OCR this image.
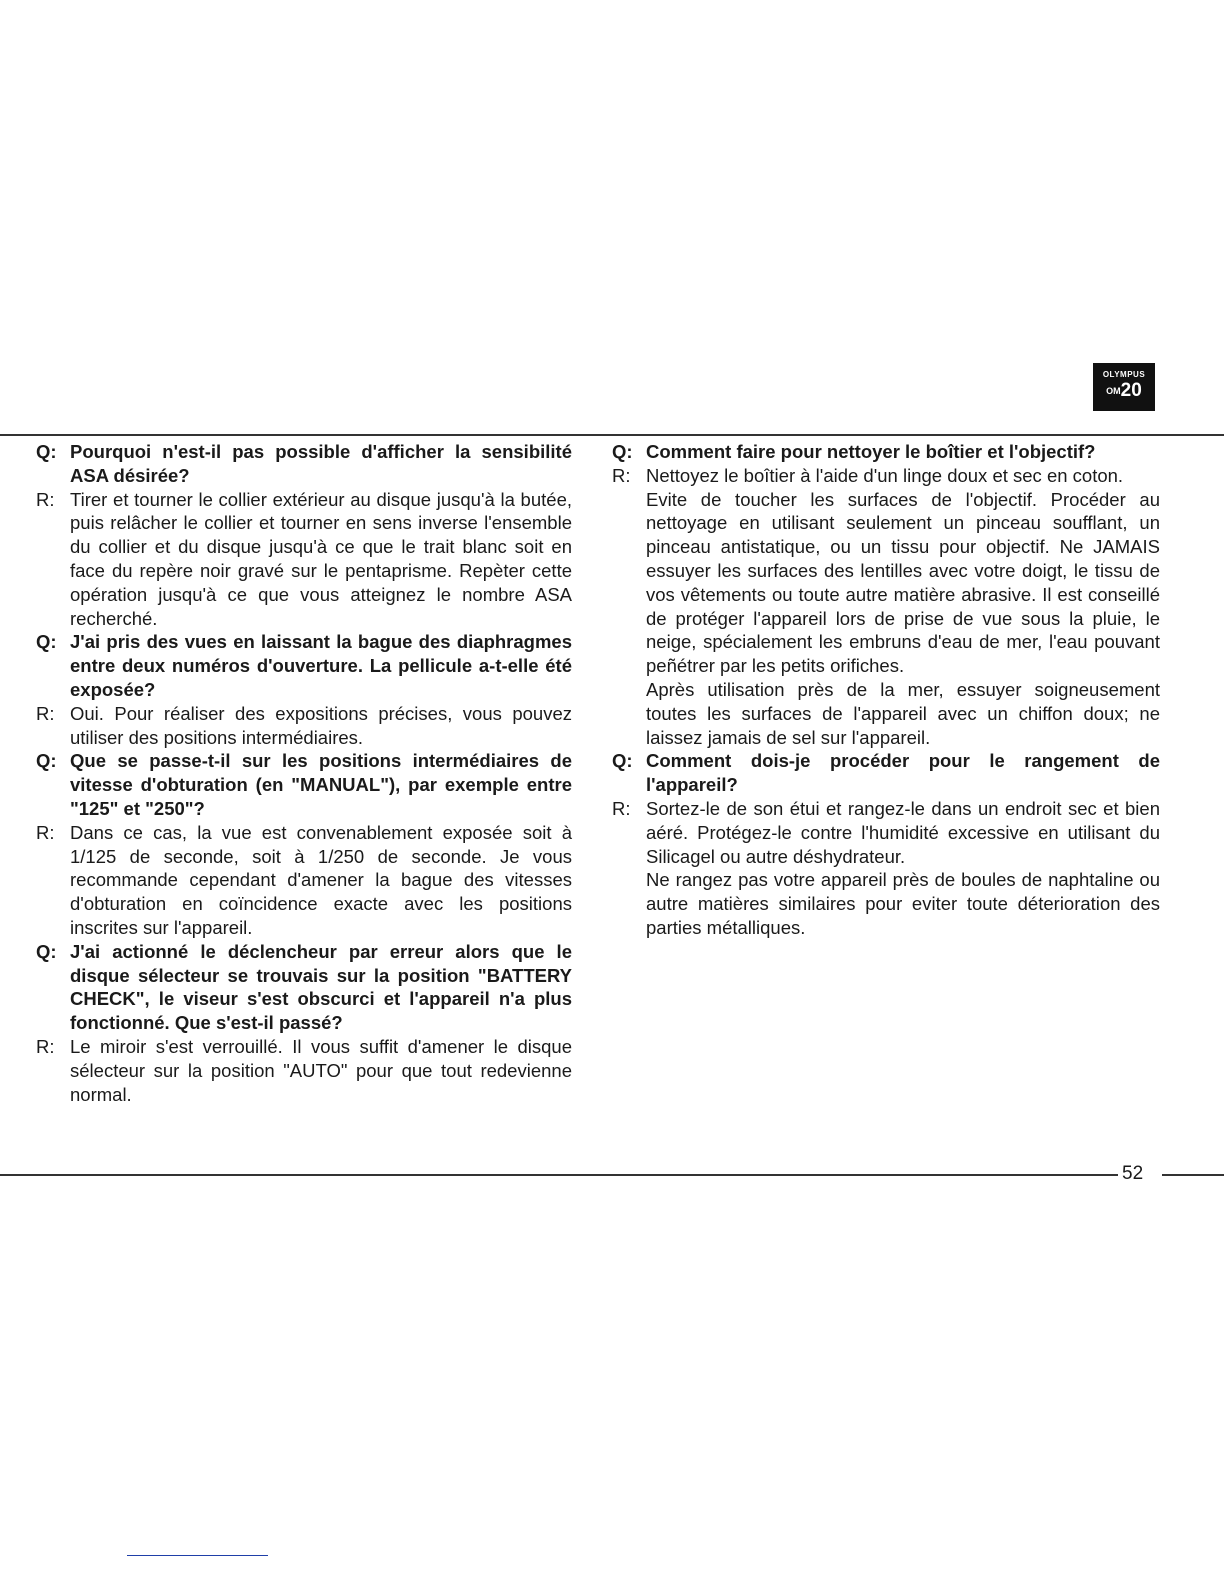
OLYMPUS
OM20
Q: Pourquoi n'est-il pas possible d'afficher la sensibilité ASA désirée?

R: Tirer et tourner le collier extérieur au disque jusqu'à la butée, puis relâcher le collier et tourner en sens inverse l'ensemble du collier et du disque jusqu'à ce que le trait blanc soit en face du repère noir gravé sur le pentaprisme. Repèter cette opération jusqu'à ce que vous atteignez le nombre ASA recherché.

Q: J'ai pris des vues en laissant la bague des diaphragmes entre deux numéros d'ouverture. La pellicule a-t-elle été exposée?

R: Oui. Pour réaliser des expositions précises, vous pouvez utiliser des positions intermédiaires.

Q: Que se passe-t-il sur les positions intermédiaires de vitesse d'obturation (en "MANUAL"), par exemple entre "125" et "250"?

R: Dans ce cas, la vue est convenablement exposée soit à 1/125 de seconde, soit à 1/250 de seconde. Je vous recommande cependant d'amener la bague des vitesses d'obturation en coïncidence exacte avec les positions inscrites sur l'appareil.

Q: J'ai actionné le déclencheur par erreur alors que le disque sélecteur se trouvais sur la position "BATTERY CHECK", le viseur s'est obscurci et l'appareil n'a plus fonctionné. Que s'est-il passé?

R: Le miroir s'est verrouillé. Il vous suffit d'amener le disque sélecteur sur la position "AUTO" pour que tout redevienne normal.

Q: Comment faire pour nettoyer le boîtier et l'objectif?

R: Nettoyez le boîtier à l'aide d'un linge doux et sec en coton.

Evite de toucher les surfaces de l'objectif. Procéder au nettoyage en utilisant seulement un pinceau soufflant, un pinceau antistatique, ou un tissu pour objectif. Ne JAMAIS essuyer les surfaces des lentilles avec votre doigt, le tissu de vos vêtements ou toute autre matière abrasive. Il est conseillé de protéger l'appareil lors de prise de vue sous la pluie, le neige, spécialement les embruns d'eau de mer, l'eau pouvant peñétrer par les petits orifiches.

Après utilisation près de la mer, essuyer soigneusement toutes les surfaces de l'appareil avec un chiffon doux; ne laissez jamais de sel sur l'appareil.

Q: Comment dois-je procéder pour le rangement de l'appareil?

R: Sortez-le de son étui et rangez-le dans un endroit sec et bien aéré. Protégez-le contre l'humidité excessive en utilisant du Silicagel ou autre déshydrateur.

Ne rangez pas votre appareil près de boules de naphtaline ou autre matières similaires pour eviter toute déterioration des parties métalliques.

52
